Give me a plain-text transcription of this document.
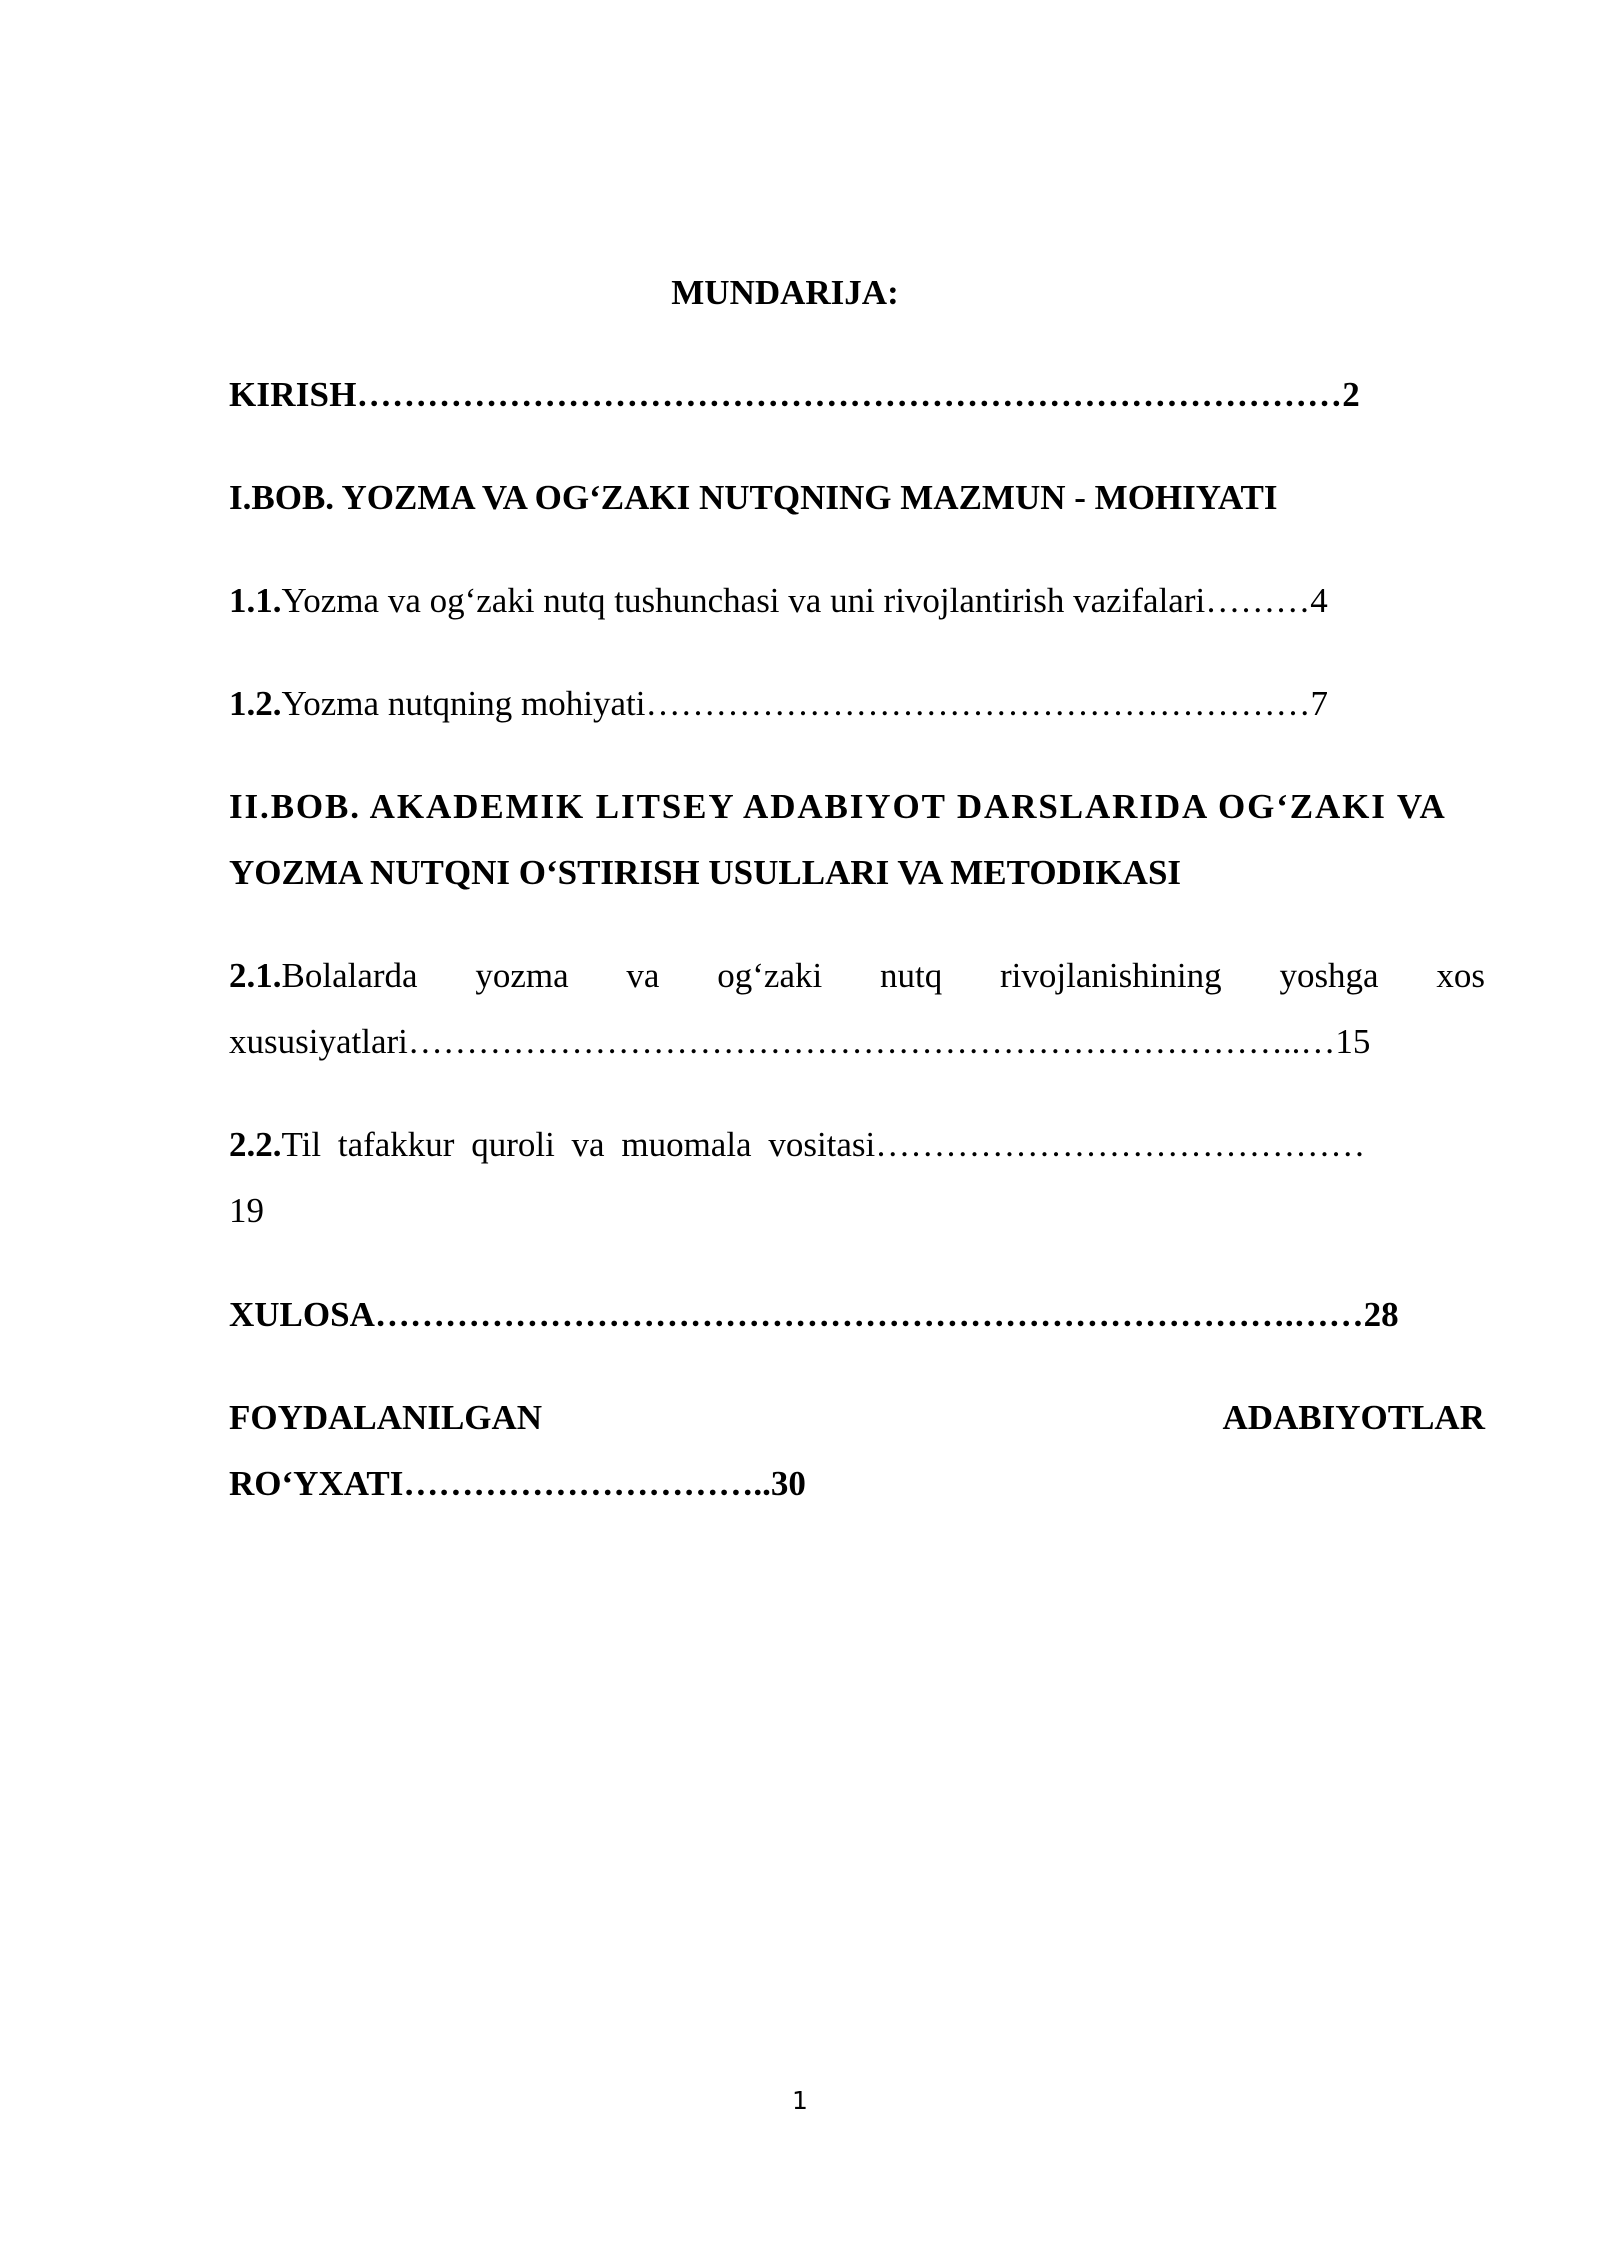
MUNDARIJA:
KIRISH…………………………………………………………………………2
I.BOB. YOZMA VA OG‘ZAKI NUTQNING MAZMUN - MOHIYATI
1.1.Yozma va og‘zaki nutq tushunchasi va uni rivojlantirish vazifalari………4
1.2.Yozma nutqning mohiyati…………………………………………………7
II.BOB. AKADEMIK LITSEY ADABIYOT DARSLARIDA OG‘ZAKI VA
YOZMA NUTQNI O‘STIRISH USULLARI VA METODIKASI
2.1.Bolalarda yozma va og‘zaki nutq rivojlanishining yoshga xos
xususiyatlari…………………………………………………………………..…15
2.2.Til tafakkur quroli va muomala vositasi……………………………………
19
XULOSA…………………………………………………………………….……28
FOYDALANILGAN	ADABIYOTLAR
RO‘YXATI…………………………..30
1
